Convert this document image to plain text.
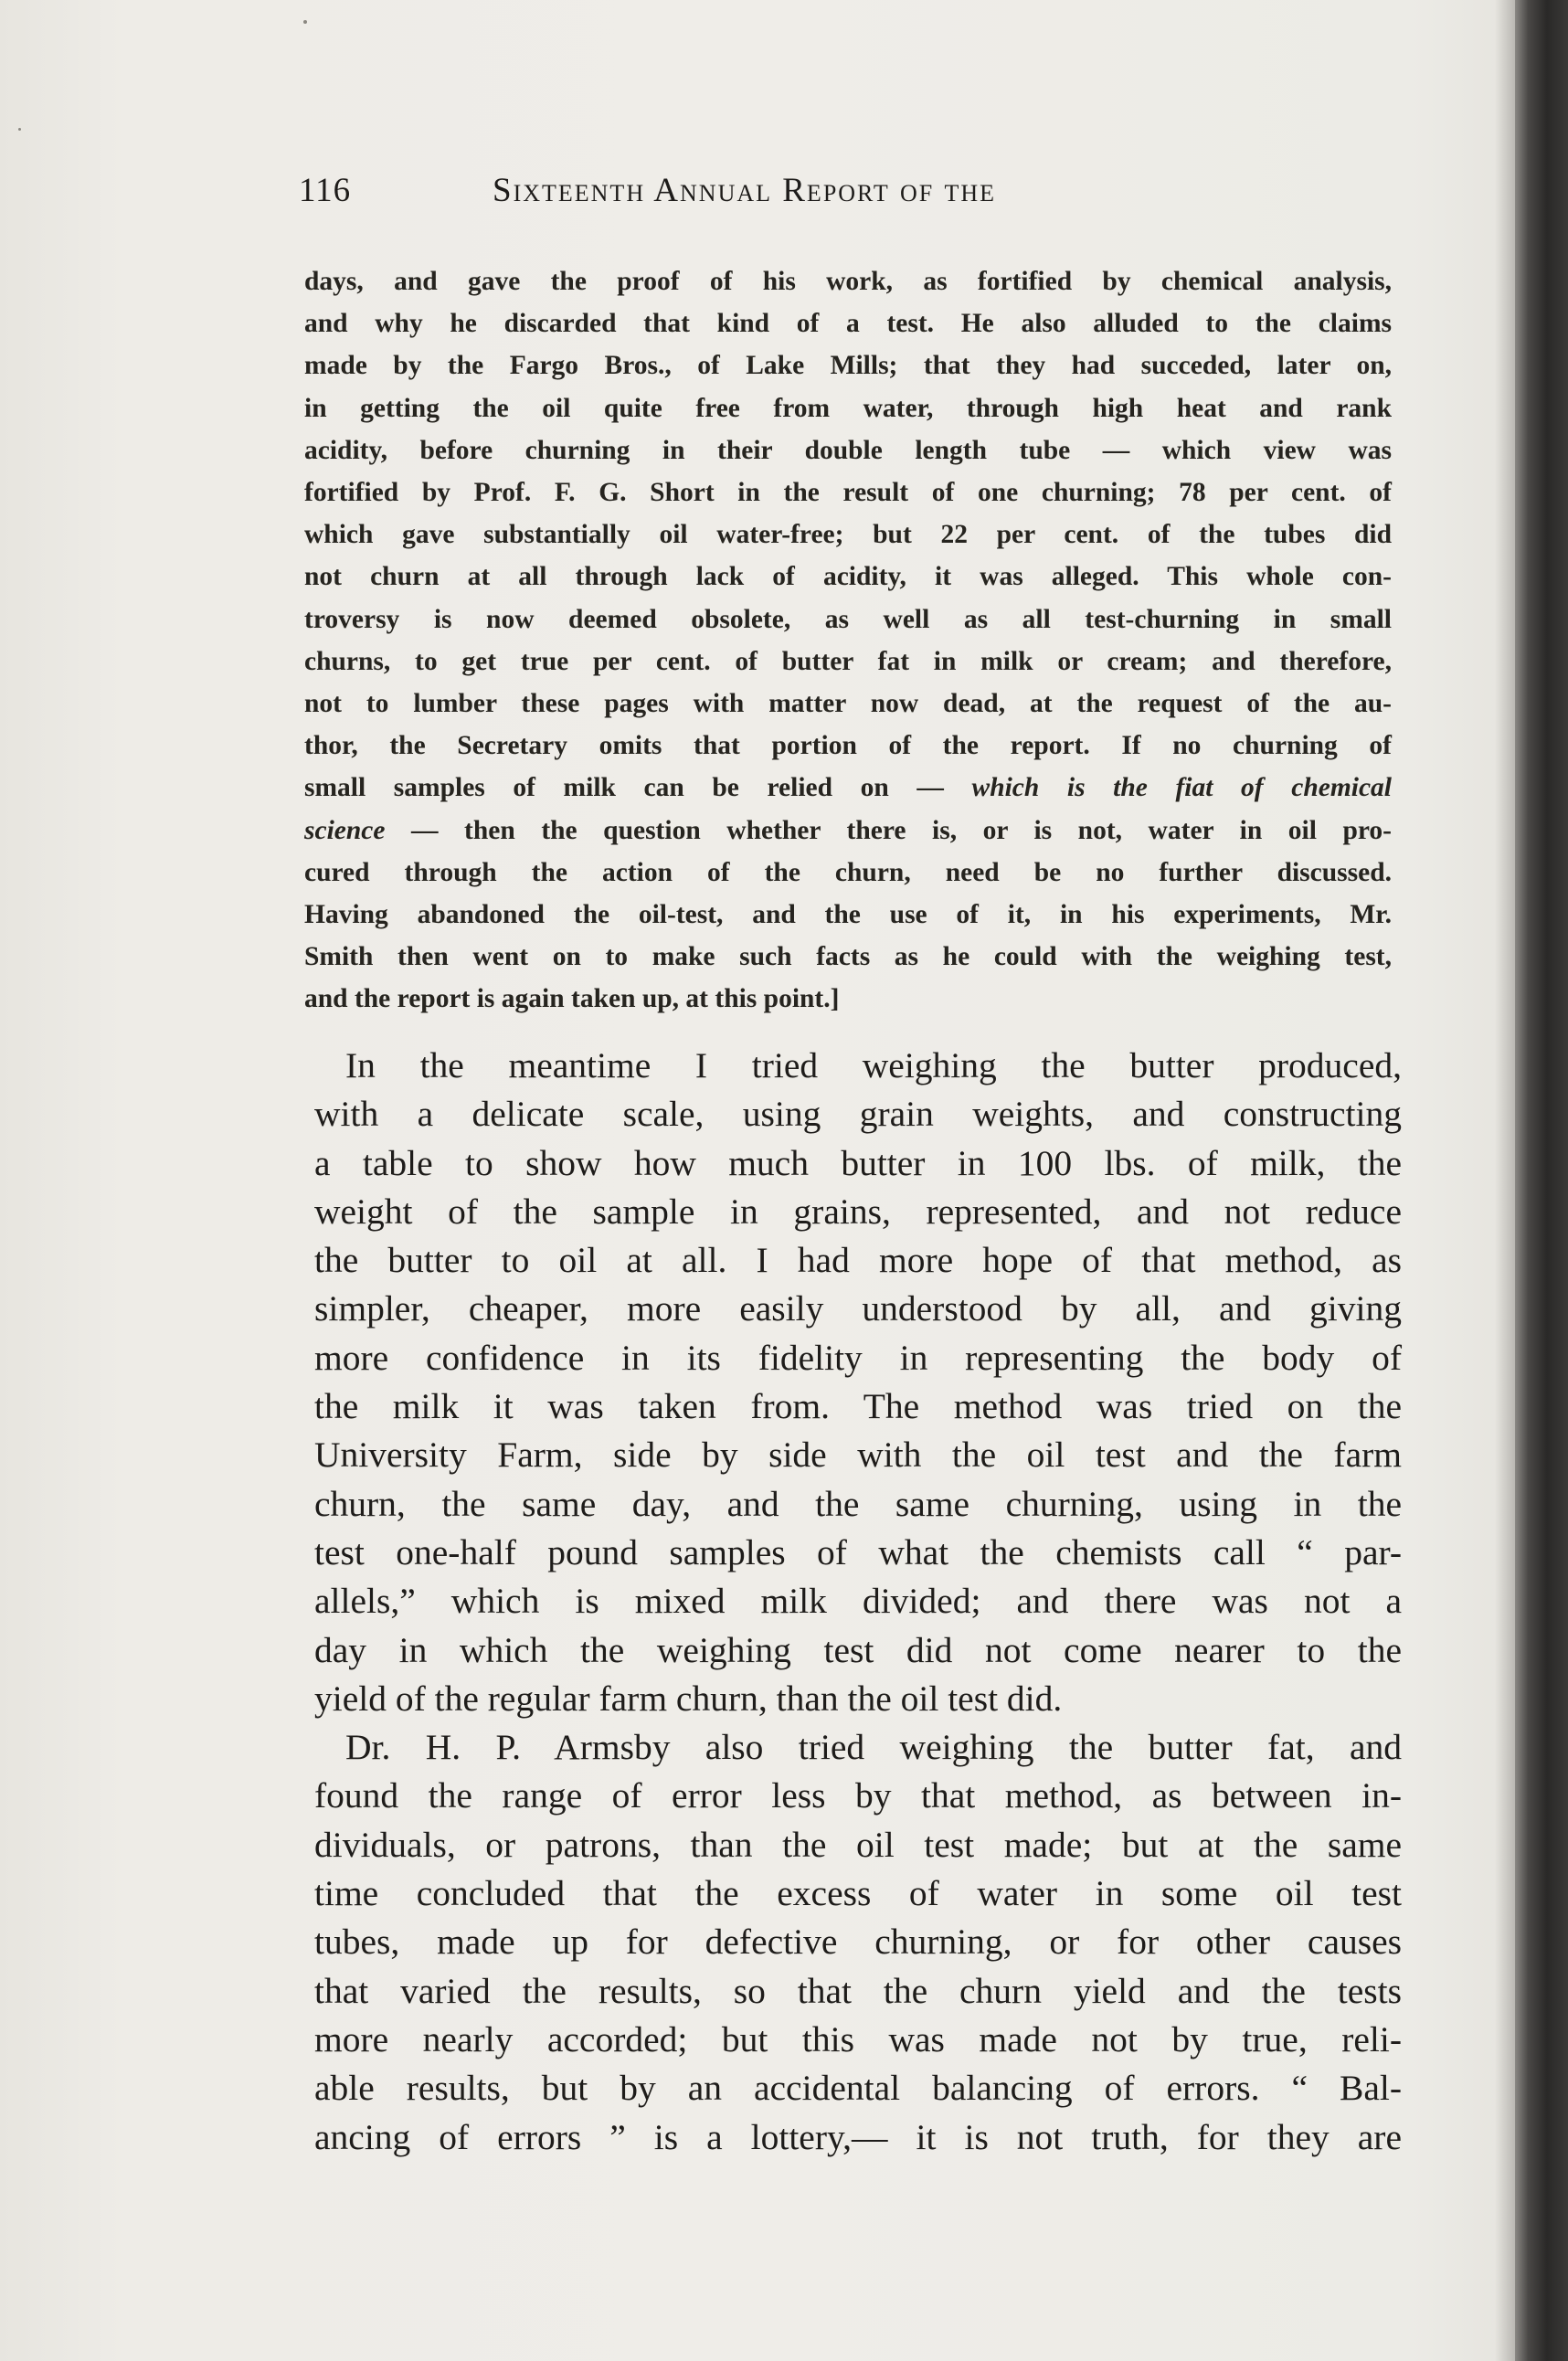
116	Sixteenth Annual Report of the
days, and gave the proof of his work, as fortified by chemical analysis,
and why he discarded that kind of a test. He also alluded to the claims
made by the Fargo Bros., of Lake Mills; that they had succeded, later on,
in getting the oil quite free from water, through high heat and rank
acidity, before churning in their double length tube — which view was
fortified by Prof. F. G. Short in the result of one churning; 78 per cent. of
which gave substantially oil water-free; but 22 per cent. of the tubes did
not churn at all through lack of acidity, it was alleged. This whole con-
troversy is now deemed obsolete, as well as all test-churning in small
churns, to get true per cent. of butter fat in milk or cream; and therefore,
not to lumber these pages with matter now dead, at the request of the au-
thor, the Secretary omits that portion of the report. If no churning of
small samples of milk can be relied on — which is the fiat of chemical
science — then the question whether there is, or is not, water in oil pro-
cured through the action of the churn, need be no further discussed.
Having abandoned the oil-test, and the use of it, in his experiments, Mr.
Smith then went on to make such facts as he could with the weighing test,
and the report is again taken up, at this point.]
In the meantime I tried weighing the butter produced,
with a delicate scale, using grain weights, and constructing
a table to show how much butter in 100 lbs. of milk, the
weight of the sample in grains, represented, and not reduce
the butter to oil at all. I had more hope of that method, as
simpler, cheaper, more easily understood by all, and giving
more confidence in its fidelity in representing the body of
the milk it was taken from. The method was tried on the
University Farm, side by side with the oil test and the farm
churn, the same day, and the same churning, using in the
test one-half pound samples of what the chemists call “ par-
allels,” which is mixed milk divided; and there was not a
day in which the weighing test did not come nearer to the
yield of the regular farm churn, than the oil test did.
Dr. H. P. Armsby also tried weighing the butter fat, and
found the range of error less by that method, as between in-
dividuals, or patrons, than the oil test made; but at the same
time concluded that the excess of water in some oil test
tubes, made up for defective churning, or for other causes
that varied the results, so that the churn yield and the tests
more nearly accorded; but this was made not by true, reli-
able results, but by an accidental balancing of errors. “ Bal-
ancing of errors ” is a lottery,— it is not truth, for they are
